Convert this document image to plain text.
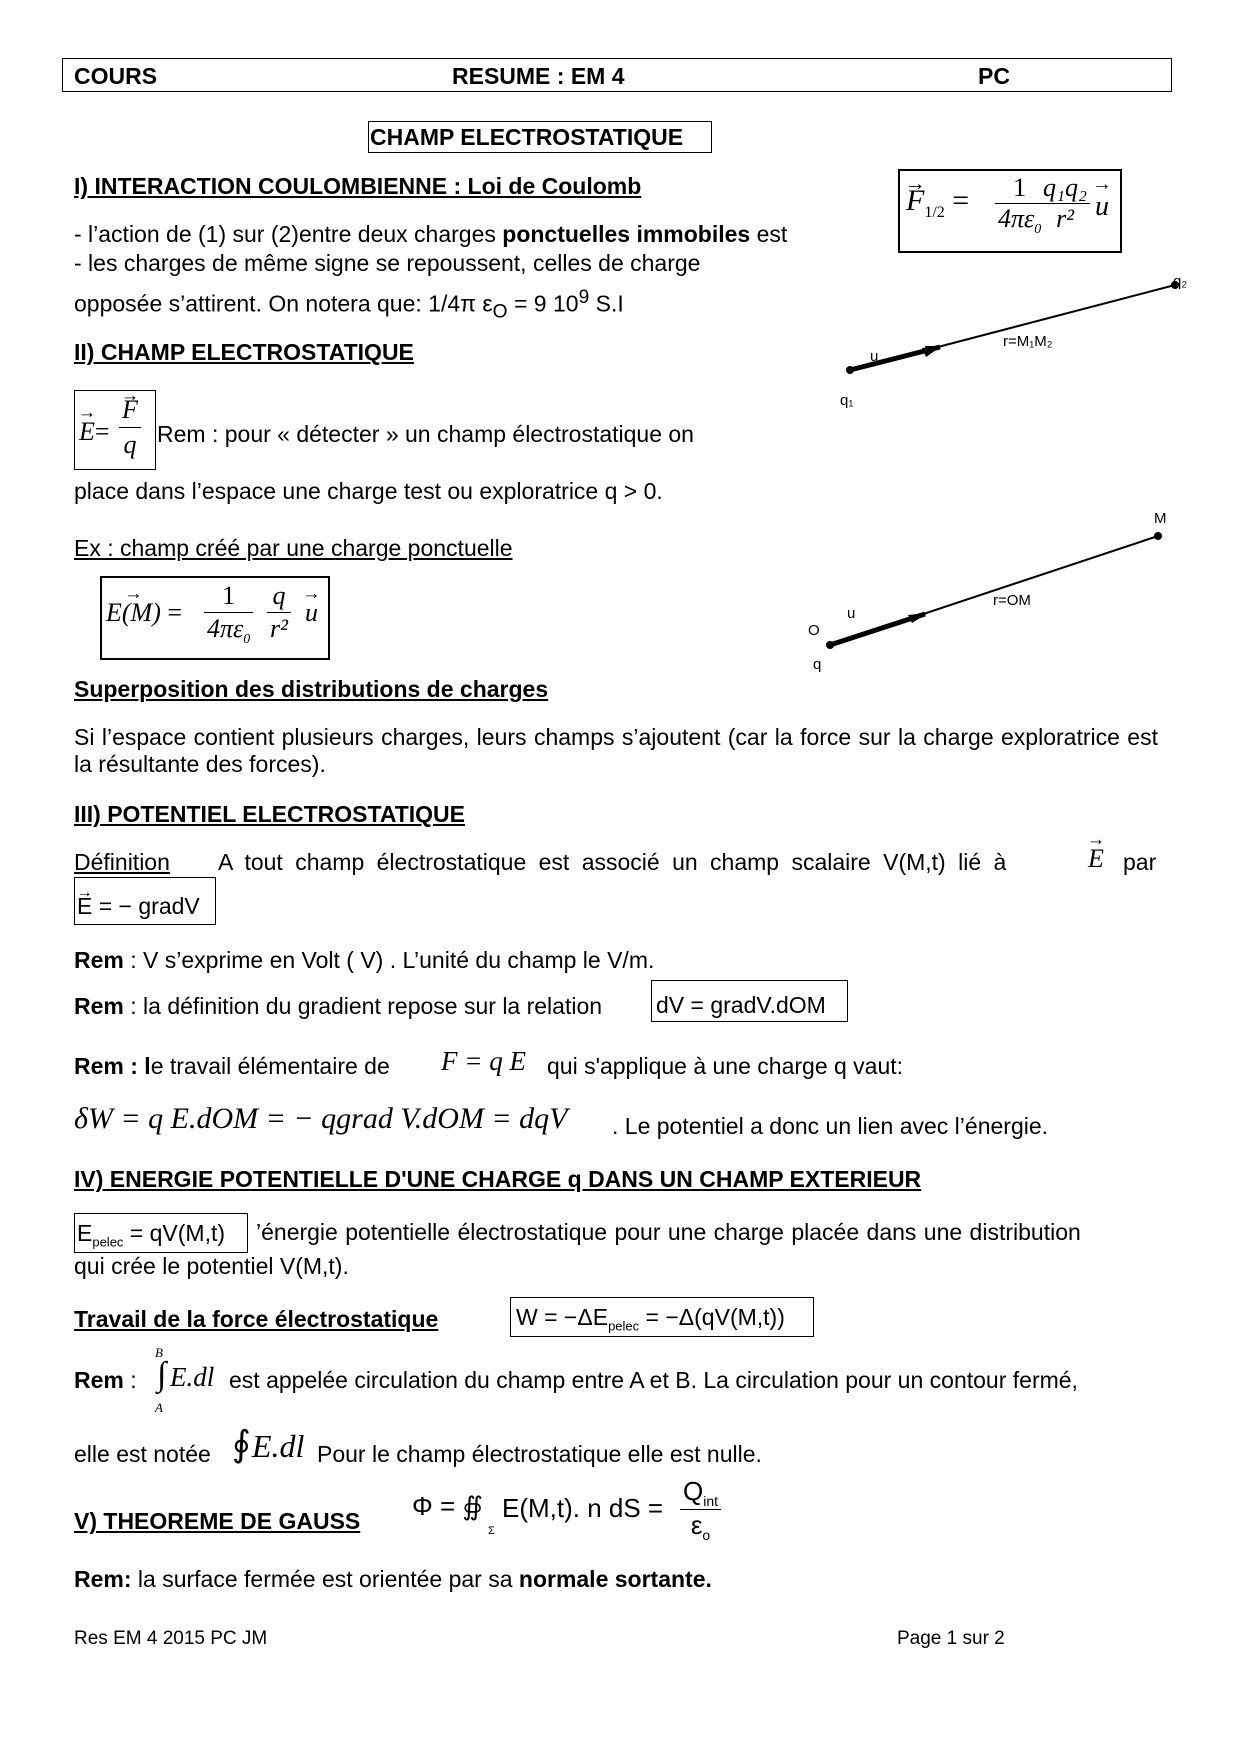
COURS	RESUME : EM 4	PC
CHAMP ELECTROSTATIQUE
I) INTERACTION COULOMBIENNE : Loi de Coulomb
- l’action de (1) sur (2)entre deux charges ponctuelles immobiles est
- les charges de même signe se repoussent, celles de charge
opposée s’attirent. On notera que: 1/4π $\varepsilon_O = 9$ $10^9$ S.I
→ $F_{1/2} = \frac{1}{4\pi\varepsilon_0}$
$\frac{\text{q₁q₂}}{\text{r²}}$
→ u
q₂
q₁
u
r=M₁M₂
II) CHAMP ELECTROSTATIQUE
→ E=
→ $\frac{F}{q}$ Rem : pour « détecter » un champ électrostatique on
place dans l’espace une charge test ou exploratrice q > 0.
Ex : champ créé par une charge ponctuelle
→ $E(M) = \frac{1}{4\pi\varepsilon_0} \frac{q}{\text{r²}}$
→ u
M
O
q
u
r=OM
Superposition des distributions de charges
Si l’espace contient plusieurs charges, leurs champs s’ajoutent (car la force sur la charge exploratrice est la résultante des forces).
III) POTENTIEL ELECTROSTATIQUE
Définition A tout champ électrostatique est associé un champ scalaire V(M,t) lié à
→	E par
→ E = − gradV
Rem : V s’exprime en Volt ( V) . L’unité du champ le V/m.
Rem : la définition du gradient repose sur la relation dV = gradV.dOM
Rem : le travail élémentaire de F = q E qui s'applique à une charge q vaut:
δW = q E.dOM = − qgrad V.dOM = dqV . Le potentiel a donc un lien avec l’énergie.
IV) ENERGIE POTENTIELLE D'UNE CHARGE q DANS UN CHAMP EXTERIEUR
$E_{pelec} = qV(M,t)$ ’énergie potentielle électrostatique pour une charge placée dans une distribution
qui crée le potentiel V(M,t).
Travail de la force électrostatique	$W = -\Delta E_{pelec} = -\Delta(qV(M,t))$
Rem :
B
∫
A
E.dl est appelée circulation du champ entre A et B. La circulation pour un contour fermé,
elle est notée ∮ E.dl Pour le champ électrostatique elle est nulle.
V) THEOREME DE GAUSS Φ = ∯
Σ
E(M,t). n dS = $\frac{Q_{int}}{\varepsilon_o}$
Rem: la surface fermée est orientée par sa normale sortante.
Res EM 4 2015 PC JM	Page 1 sur 2
